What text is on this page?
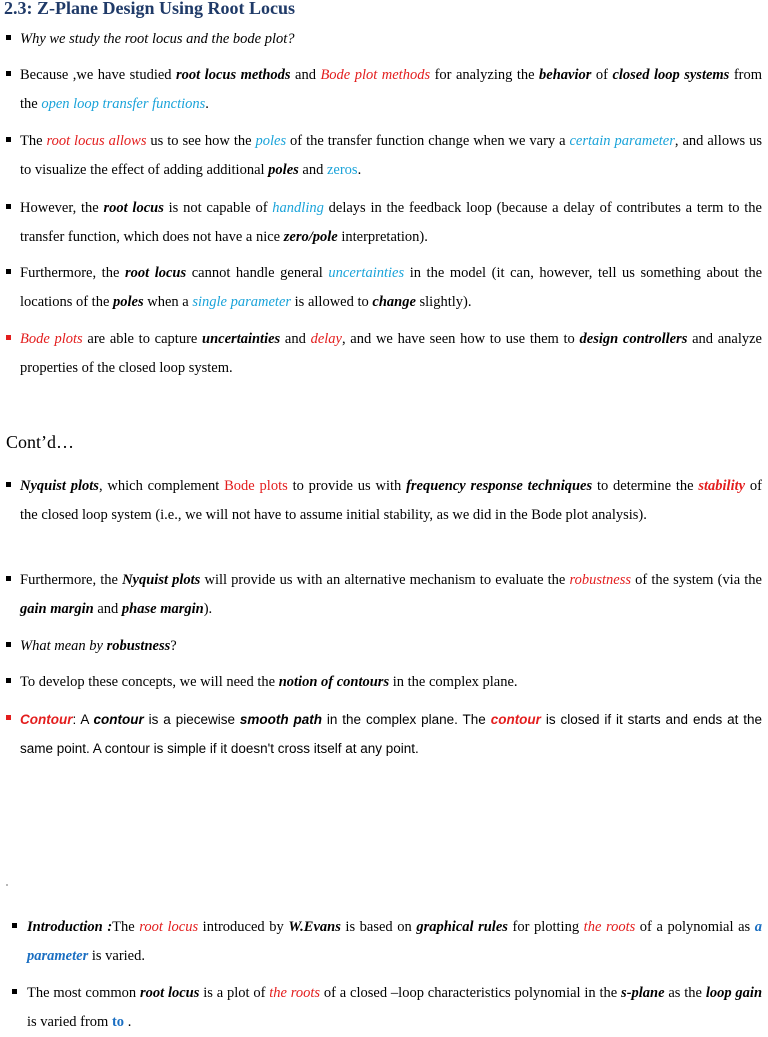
2.3: Z-Plane Design Using Root Locus
Why we study the root locus and the bode plot?
Because ,we have studied root locus methods and Bode plot methods for analyzing the behavior of closed loop systems from the open loop transfer functions.
The root locus allows us to see how the poles of the transfer function change when we vary a certain parameter, and allows us to visualize the effect of adding additional poles and zeros.
However, the root locus is not capable of handling delays in the feedback loop (because a delay of contributes a term to the transfer function, which does not have a nice zero/pole interpretation).
Furthermore, the root locus cannot handle general uncertainties in the model (it can, however, tell us something about the locations of the poles when a single parameter is allowed to change slightly).
Bode plots are able to capture uncertainties and delay, and we have seen how to use them to design controllers and analyze properties of the closed loop system.
Cont’d…
Nyquist plots, which complement Bode plots to provide us with frequency response techniques to determine the stability of the closed loop system (i.e., we will not have to assume initial stability, as we did in the Bode plot analysis).
Furthermore, the Nyquist plots will provide us with an alternative mechanism to evaluate the robustness of the system (via the gain margin and phase margin).
What mean by robustness?
To develop these concepts, we will need the notion of contours in the complex plane.
Contour: A contour is a piecewise smooth path in the complex plane. The contour is closed if it starts and ends at the same point. A contour is simple if it doesn't cross itself at any point.
Introduction :The root locus introduced by W.Evans is based on graphical rules for plotting the roots of a polynomial as a parameter is varied.
The most common root locus is a plot of the roots of a closed –loop characteristics polynomial in the s-plane as the loop gain is varied from to .
